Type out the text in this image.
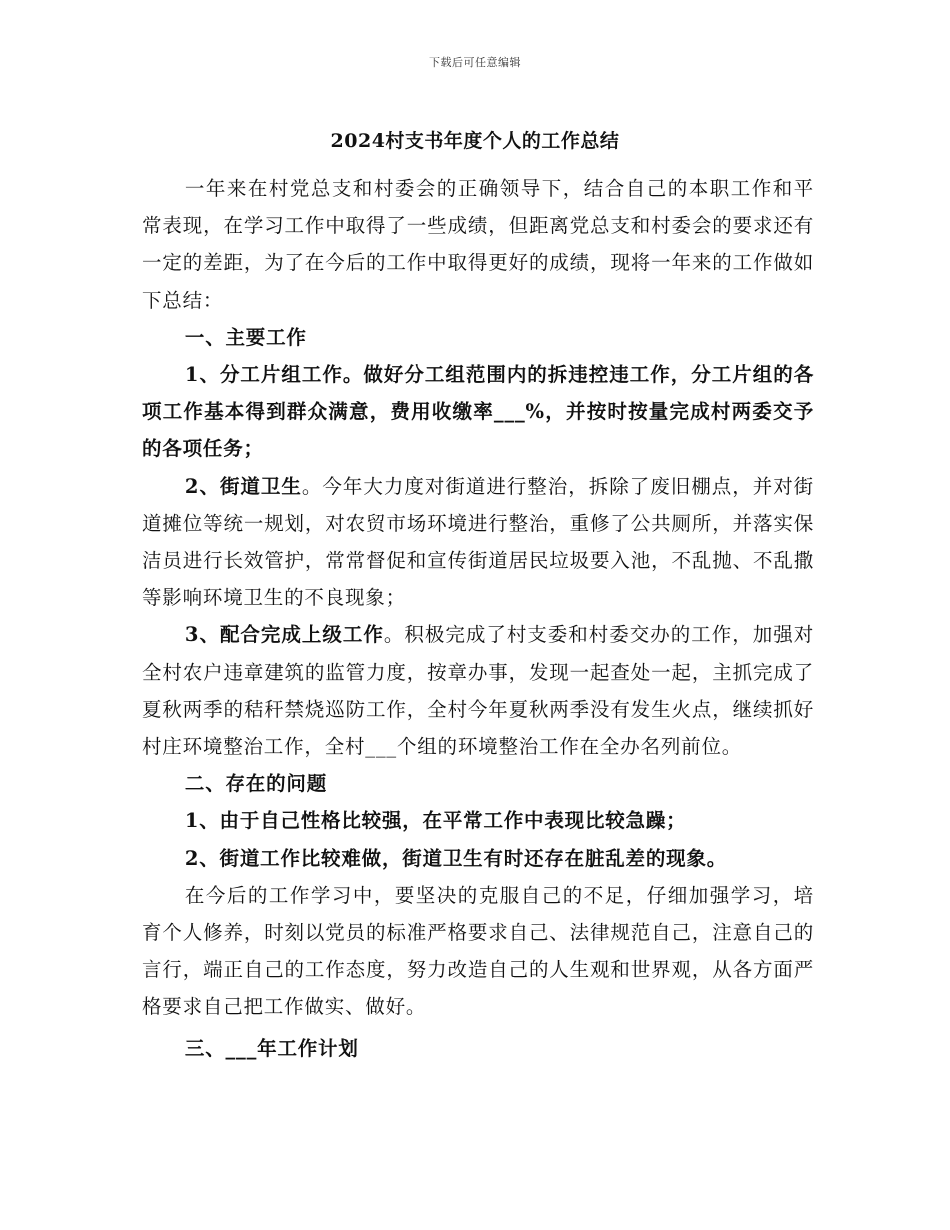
下载后可任意编辑
2024村支书年度个人的工作总结

一年来在村党总支和村委会的正确领导下，结合自己的本职工作和平常表现，在学习工作中取得了一些成绩，但距离党总支和村委会的要求还有一定的差距，为了在今后的工作中取得更好的成绩，现将一年来的工作做如下总结：

一、主要工作

1、分工片组工作。做好分工组范围内的拆违控违工作，分工片组的各项工作基本得到群众满意，费用收缴率___%，并按时按量完成村两委交予的各项任务；

2、街道卫生。今年大力度对街道进行整治，拆除了废旧棚点，并对街道摊位等统一规划，对农贸市场环境进行整治，重修了公共厕所，并落实保洁员进行长效管护，常常督促和宣传街道居民垃圾要入池，不乱抛、不乱撒等影响环境卫生的不良现象；

3、配合完成上级工作。积极完成了村支委和村委交办的工作，加强对全村农户违章建筑的监管力度，按章办事，发现一起查处一起，主抓完成了夏秋两季的秸秆禁烧巡防工作，全村今年夏秋两季没有发生火点，继续抓好村庄环境整治工作，全村___个组的环境整治工作在全办名列前位。

二、存在的问题

1、由于自己性格比较强，在平常工作中表现比较急躁；

2、街道工作比较难做，街道卫生有时还存在脏乱差的现象。

在今后的工作学习中，要坚决的克服自己的不足，仔细加强学习，培育个人修养，时刻以党员的标准严格要求自己、法律规范自己，注意自己的言行，端正自己的工作态度，努力改造自己的人生观和世界观，从各方面严格要求自己把工作做实、做好。

三、___年工作计划
